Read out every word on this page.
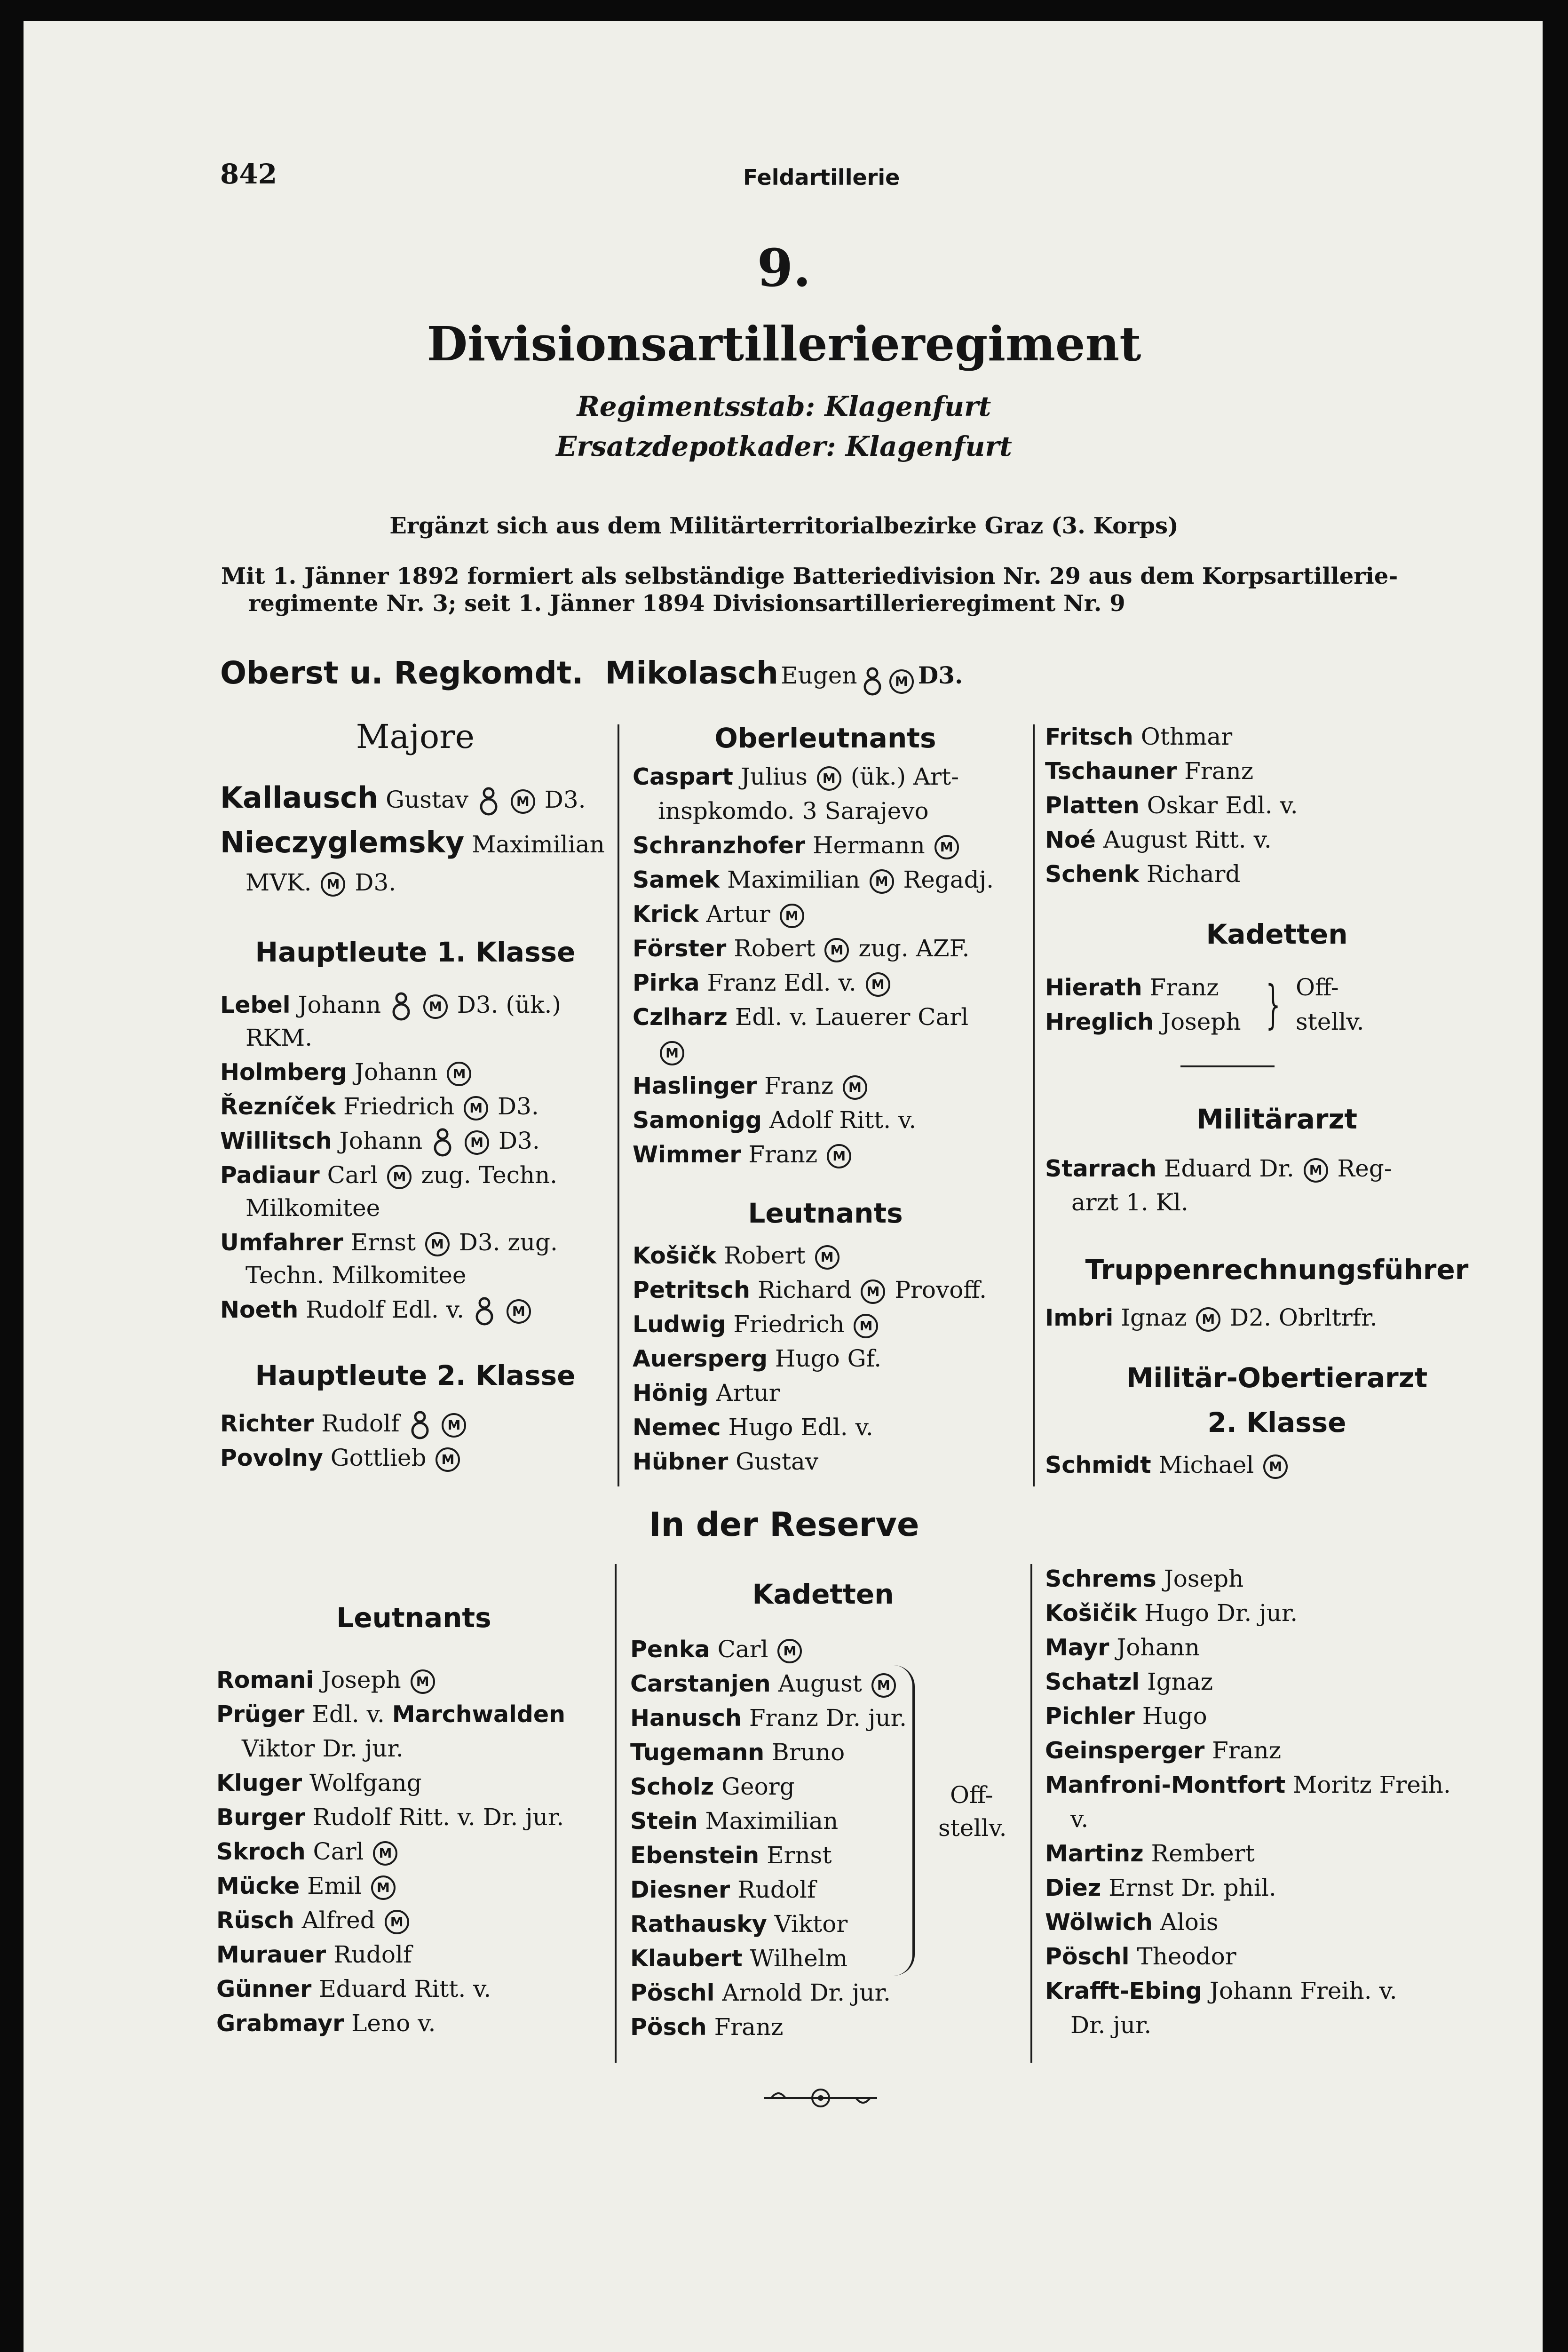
842	Feldartillerie
9.
Divisionsartillerieregiment
Regimentsstab: Klagenfurt
Ersatzdepotkader: Klagenfurt
Ergänzt sich aus dem Militärterritorialbezirke Graz (3. Korps)
Mit 1. Jänner 1892 formiert als selbständige Batteriedivision Nr. 29 aus dem Korpsartillerie-
regimente Nr. 3; seit 1. Jänner 1894 Divisionsartillerieregiment Nr. 9
Oberst u. Regkomdt. Mikolasch Eugen	M D3.
Majore
Kallausch Gustav	M D3.
Nieczyglemsky Maximilian
MVK. M D3.
Hauptleute 1. Klasse
Lebel Johann	M D3. (ük.)
RKM.
Holmberg Johann M
Řezníček Friedrich M D3.
Willitsch Johann	M D3.
Padiaur Carl M zug. Techn.
Milkomitee
Umfahrer Ernst M D3. zug.
Techn. Milkomitee
Noeth Rudolf Edl. v.	M
Hauptleute 2. Klasse
Richter Rudolf	M
Povolny Gottlieb M
Oberleutnants
Caspart Julius M (ük.) Art-
inspkomdo. 3 Sarajevo
Schranzhofer Hermann M
Samek Maximilian M Regadj.
Krick Artur M
Förster Robert M zug. AZF.
Pirka Franz Edl. v. M
Czlharz Edl. v. Lauerer Carl
M
Haslinger Franz M
Samonigg Adolf Ritt. v.
Wimmer Franz M
Leutnants
Košičk Robert M
Petritsch Richard M Provoff.
Ludwig Friedrich M
Auersperg Hugo Gf.
Hönig Artur
Nemec Hugo Edl. v.
Hübner Gustav
Fritsch Othmar
Tschauner Franz
Platten Oskar Edl. v.
Noé August Ritt. v.
Schenk Richard
Kadetten
Hierath Franz
Hreglich Joseph } Off-
stellv.
Militärarzt
Starrach Eduard Dr. M Reg-
arzt 1. Kl.
Truppenrechnungsführer
Imbri Ignaz M D2. Obrltrfr.
Militär-Obertierarzt
2. Klasse
Schmidt Michael M
In der Reserve
Leutnants
Romani Joseph M
Prüger Edl. v. Marchwalden
Viktor Dr. jur.
Kluger Wolfgang
Burger Rudolf Ritt. v. Dr. jur.
Skroch Carl M
Mücke Emil M
Rüsch Alfred M
Murauer Rudolf
Günner Eduard Ritt. v.
Grabmayr Leno v.
Kadetten
Penka Carl M
Carstanjen August M
Hanusch Franz Dr. jur.
Tugemann Bruno
Scholz Georg
Stein Maximilian
Ebenstein Ernst
Diesner Rudolf
Rathausky Viktor
Klaubert Wilhelm
Pöschl Arnold Dr. jur.
Pösch Franz
Off-
stellv.
Schrems Joseph
Košičik Hugo Dr. jur.
Mayr Johann
Schatzl Ignaz
Pichler Hugo
Geinsperger Franz
Manfroni-Montfort Moritz Freih.
v.
Martinz Rembert
Diez Ernst Dr. phil.
Wölwich Alois
Pöschl Theodor
Krafft-Ebing Johann Freih. v.
Dr. jur.
